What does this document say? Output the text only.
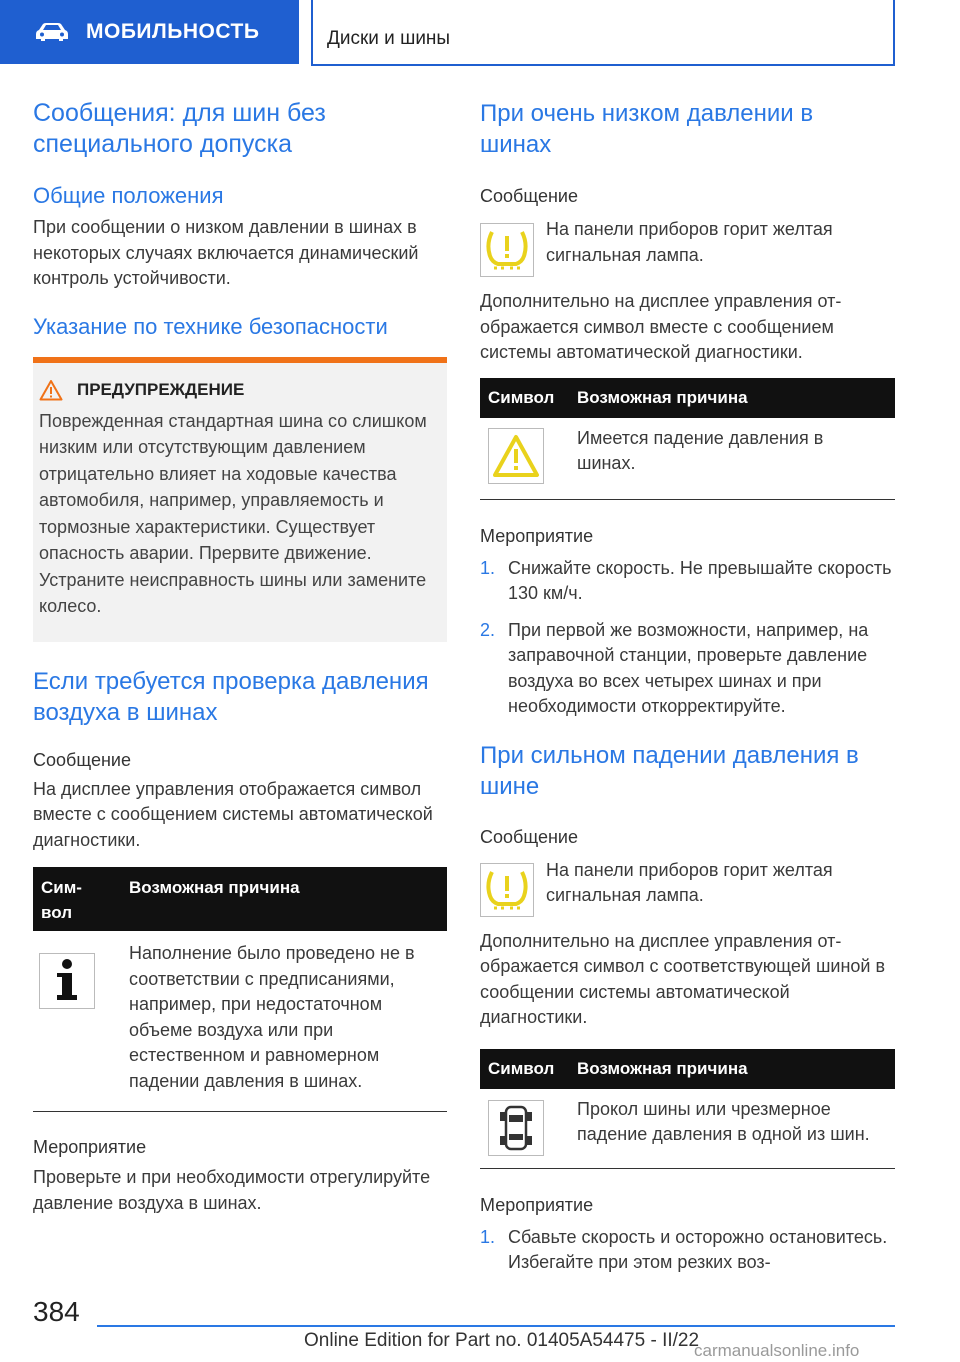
МОБИЛЬНОСТЬ	Диски и шины
Сообщения: для шин без специального допуска
Общие положения

При сообщении о низком давлении в шинах в некоторых случаях включается динамический контроль устойчивости.

Указание по технике безопасности
ПРЕДУПРЕЖДЕНИЕ

Поврежденная стандартная шина со слишком низким или отсутствующим давлением отрицательно влияет на ходовые качества автомобиля, например, управляемость и тормозные характеристики. Существует опасность аварии. Прервите движение. Устраните неисправность шины или замените колесо.

Если требуется проверка давления воздуха в шинах
Сообщение

На дисплее управления отображается символ вместе с сообщением системы автоматической диагностики.

Сим-вол
Возможная причина

Наполнение было проведено не в соответствии с предписаниями, например, при недостаточном объеме воздуха или при естественном и равномерном падении давления в шинах.

Мероприятие

Проверьте и при необходимости отрегулируйте давление воздуха в шинах.

При очень низком давлении в шинах
Сообщение

На панели приборов горит желтая сигнальная лампа.

Дополнительно на дисплее управления отображается символ вместе с сообщением системы автоматической диагностики.

Символ	Возможная причина

Имеется падение давления в шинах.

Мероприятие
1. Снижайте скорость. Не превышайте скорость 130 км/ч.
2. При первой же возможности, например, на заправочной станции, проверьте давление воздуха во всех четырех шинах и при необходимости откорректируйте.
При сильном падении давления в шине
Сообщение

На панели приборов горит желтая сигнальная лампа.

Дополнительно на дисплее управления отображается символ с соответствующей шиной в сообщении системы автоматической диагностики.

Символ	Возможная причина

Прокол шины или чрезмерное падение давления в одной из шин.

Мероприятие
1. Сбавьте скорость и осторожно остановитесь. Избегайте при этом резких воз-
384
Online Edition for Part no. 01405A54475 - II/22
carmanualsonline.info
